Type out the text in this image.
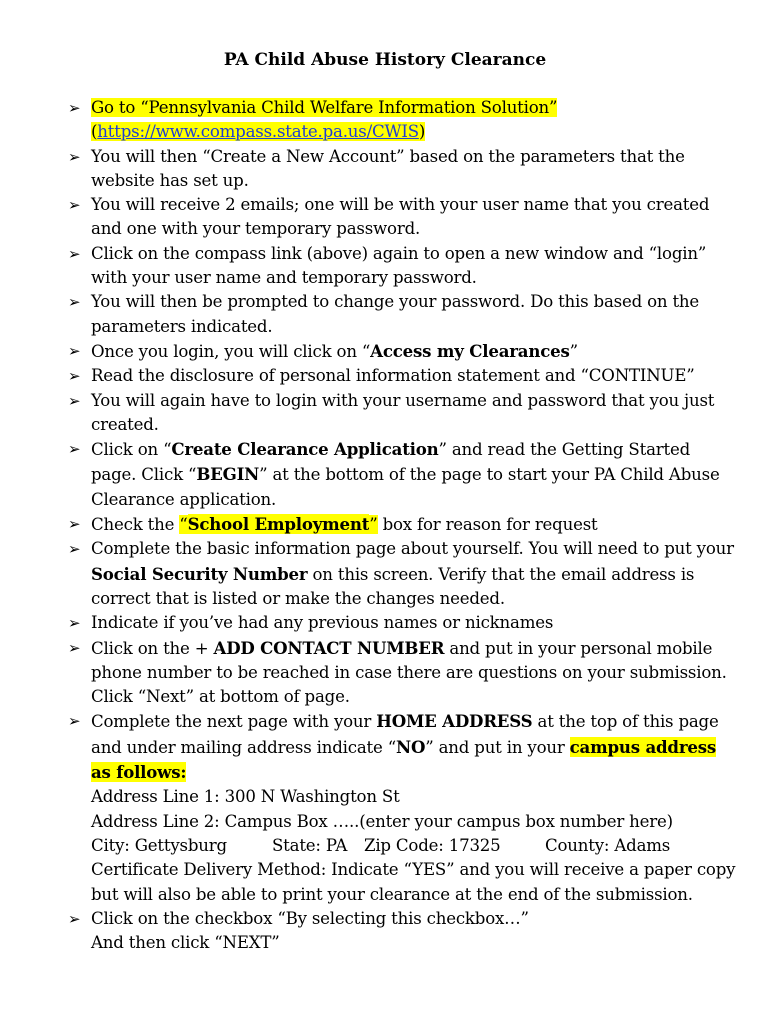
PA Child Abuse History Clearance
➢ Go to “Pennsylvania Child Welfare Information Solution”
(https://www.compass.state.pa.us/CWIS)
➢ You will then “Create a New Account” based on the parameters that the website has set up.
➢ You will receive 2 emails; one will be with your user name that you created and one with your temporary password.
➢ Click on the compass link (above) again to open a new window and “login” with your user name and temporary password.
➢ You will then be prompted to change your password. Do this based on the parameters indicated.
➢ Once you login, you will click on “Access my Clearances”
➢ Read the disclosure of personal information statement and “CONTINUE”
➢ You will again have to login with your username and password that you just created.
➢ Click on “Create Clearance Application” and read the Getting Started page. Click “BEGIN” at the bottom of the page to start your PA Child Abuse Clearance application.
➢ Check the “School Employment” box for reason for request
➢ Complete the basic information page about yourself. You will need to put your Social Security Number on this screen. Verify that the email address is correct that is listed or make the changes needed.
➢ Indicate if you’ve had any previous names or nicknames
➢ Click on the + ADD CONTACT NUMBER and put in your personal mobile phone number to be reached in case there are questions on your submission. Click “Next” at bottom of page.
➢ Complete the next page with your HOME ADDRESS at the top of this page and under mailing address indicate “NO” and put in your campus address as follows:
Address Line 1: 300 N Washington St
Address Line 2: Campus Box …..(enter your campus box number here)
City: Gettysburg	State: PA Zip Code: 17325	County: Adams
Certificate Delivery Method: Indicate “YES” and you will receive a paper copy but will also be able to print your clearance at the end of the submission.
➢ Click on the checkbox “By selecting this checkbox…”
And then click “NEXT”
